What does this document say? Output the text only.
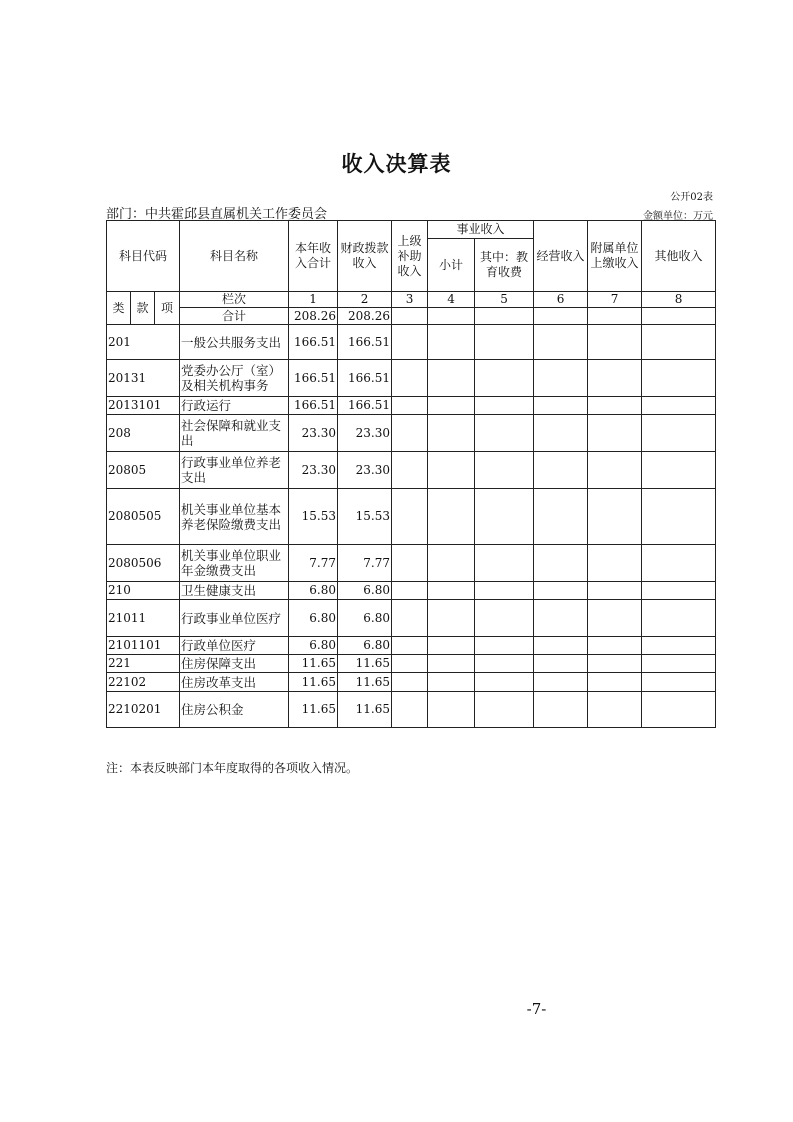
收入决算表
公开02表
部门：中共霍邱县直属机关工作委员会	金额单位：万元
科目代码			科目名称	本年收入合计	财政拨款收入	上级补助收入	事业收入		经营收入	附属单位上缴收入	其他收入
							小计	其中：教育收费			
类	款	项	栏次	1	2	3	4	5	6	7	8
			合计	208.26	208.26						
201			一般公共服务支出	166.51	166.51						
20131			党委办公厅（室）及相关机构事务	166.51	166.51						
2013101			行政运行	166.51	166.51						
208			社会保障和就业支出	23.30	23.30						
20805			行政事业单位养老支出	23.30	23.30						
2080505			机关事业单位基本养老保险缴费支出	15.53	15.53						
2080506			机关事业单位职业年金缴费支出	7.77	7.77						
210			卫生健康支出	6.80	6.80						
21011			行政事业单位医疗	6.80	6.80						
2101101			行政单位医疗	6.80	6.80						
221			住房保障支出	11.65	11.65						
22102			住房改革支出	11.65	11.65						
2210201			住房公积金	11.65	11.65						
注：本表反映部门本年度取得的各项收入情况。
-7-
